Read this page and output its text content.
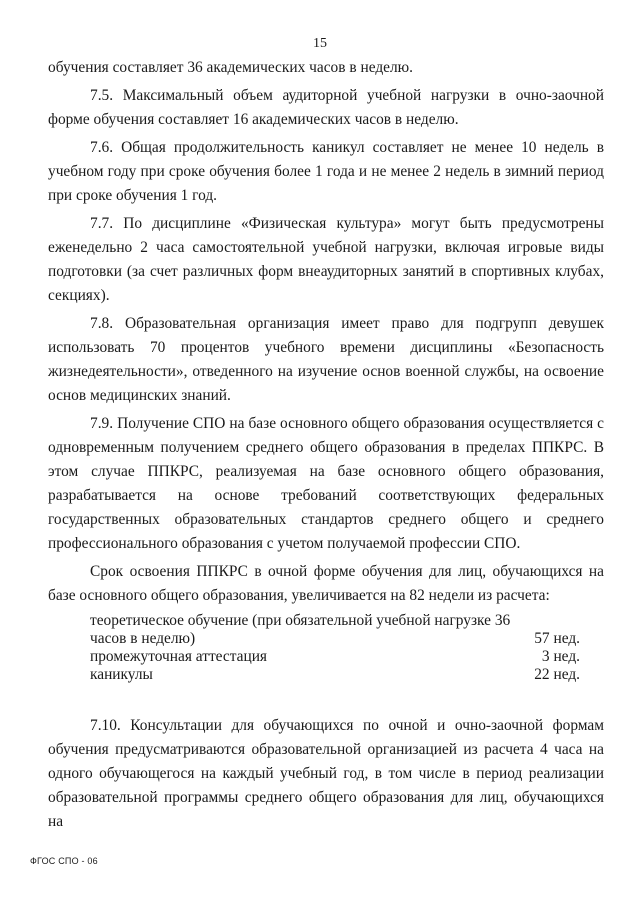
15

обучения составляет 36 академических часов в неделю.

7.5. Максимальный объем аудиторной учебной нагрузки в очно-заочной форме обучения составляет 16 академических часов в неделю.

7.6. Общая продолжительность каникул составляет не менее 10 недель в учебном году при сроке обучения более 1 года и не менее 2 недель в зимний период при сроке обучения 1 год.

7.7. По дисциплине «Физическая культура» могут быть предусмотрены еженедельно 2 часа самостоятельной учебной нагрузки, включая игровые виды подготовки (за счет различных форм внеаудиторных занятий в спортивных клубах, секциях).

7.8. Образовательная организация имеет право для подгрупп девушек использовать 70 процентов учебного времени дисциплины «Безопасность жизнедеятельности», отведенного на изучение основ военной службы, на освоение основ медицинских знаний.

7.9. Получение СПО на базе основного общего образования осуществляется с одновременным получением среднего общего образования в пределах ППКРС. В этом случае ППКРС, реализуемая на базе основного общего образования, разрабатывается на основе требований соответствующих федеральных государственных образовательных стандартов среднего общего и среднего профессионального образования с учетом получаемой профессии СПО.

Срок освоения ППКРС в очной форме обучения для лиц, обучающихся на базе основного общего образования, увеличивается на 82 недели из расчета:

теоретическое обучение (при обязательной учебной нагрузке 36 часов в неделю)	57 нед.
промежуточная аттестация	3 нед.
каникулы	22 нед.

7.10. Консультации для обучающихся по очной и очно-заочной формам обучения предусматриваются образовательной организацией из расчета 4 часа на одного обучающегося на каждый учебный год, в том числе в период реализации образовательной программы среднего общего образования для лиц, обучающихся на

ФГОС СПО - 06
